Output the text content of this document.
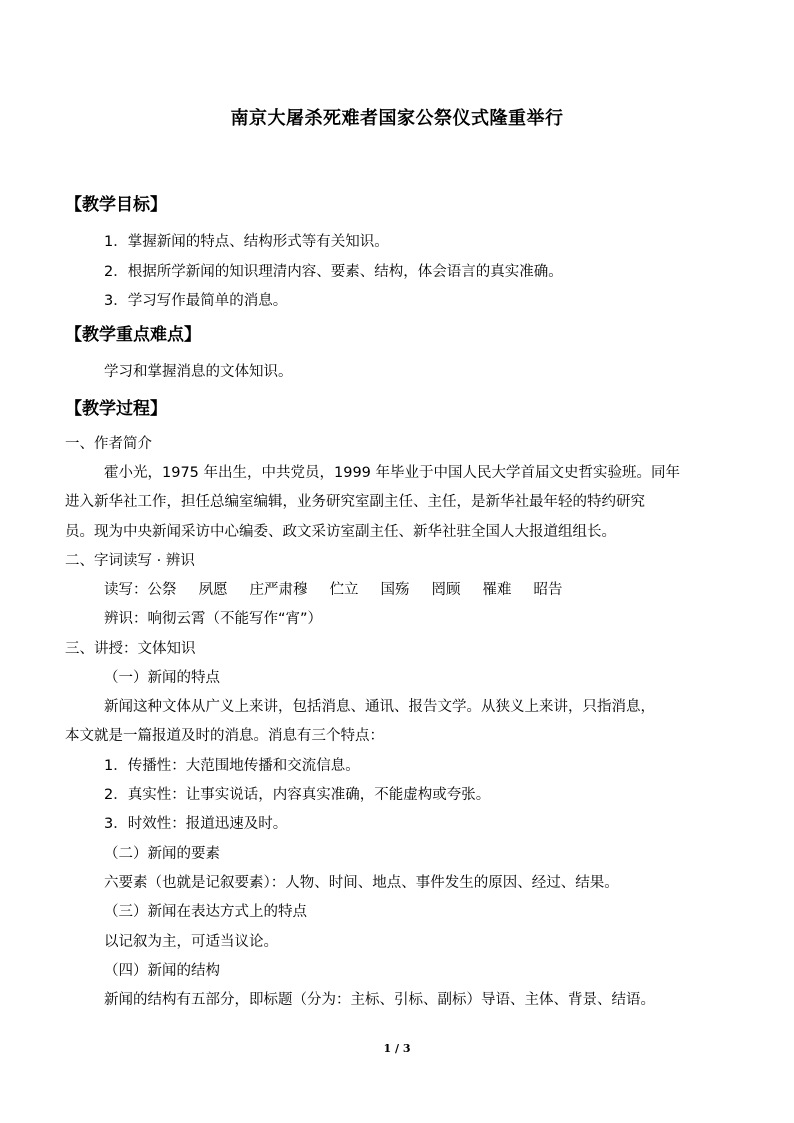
南京大屠杀死难者国家公祭仪式隆重举行
【教学目标】
1．掌握新闻的特点、结构形式等有关知识。
2．根据所学新闻的知识理清内容、要素、结构，体会语言的真实准确。
3．学习写作最简单的消息。
【教学重点难点】
学习和掌握消息的文体知识。
【教学过程】
一、作者简介
霍小光，1975 年出生，中共党员，1999 年毕业于中国人民大学首届文史哲实验班。同年
进入新华社工作，担任总编室编辑，业务研究室副主任、主任，是新华社最年轻的特约研究
员。现为中央新闻采访中心编委、政文采访室副主任、新华社驻全国人大报道组组长。
二、字词读写 · 辨识
读写：公祭 夙愿 庄严肃穆 伫立 国殇 罔顾 罹难 昭告
辨识：响彻云霄（不能写作“宵”）
三、讲授：文体知识
（一）新闻的特点
新闻这种文体从广义上来讲，包括消息、通讯、报告文学。从狭义上来讲，只指消息，
本文就是一篇报道及时的消息。消息有三个特点：
1．传播性：大范围地传播和交流信息。
2．真实性：让事实说话，内容真实准确，不能虚构或夸张。
3．时效性：报道迅速及时。
（二）新闻的要素
六要素（也就是记叙要素）：人物、时间、地点、事件发生的原因、经过、结果。
（三）新闻在表达方式上的特点
以记叙为主，可适当议论。
（四）新闻的结构
新闻的结构有五部分，即标题（分为：主标、引标、副标）导语、主体、背景、结语。
1 / 3
